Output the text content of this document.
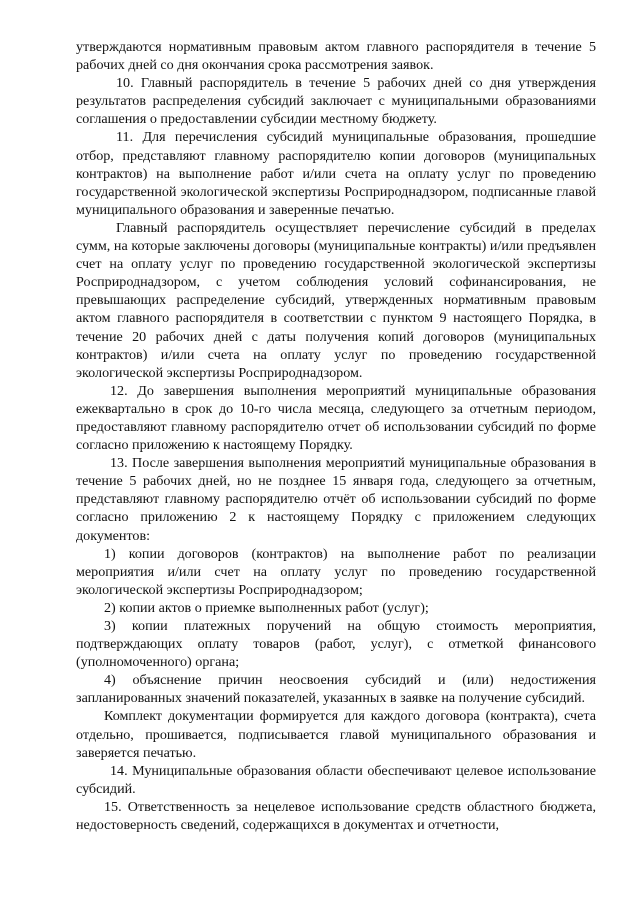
утверждаются нормативным правовым актом главного распорядителя в течение 5 рабочих дней со дня окончания срока рассмотрения заявок.

10. Главный распорядитель в течение 5 рабочих дней со дня утверждения результатов распределения субсидий заключает с муниципальными образованиями соглашения о предоставлении субсидии местному бюджету.

11. Для перечисления субсидий муниципальные образования, прошедшие отбор, представляют главному распорядителю копии договоров (муниципальных контрактов) на выполнение работ и/или счета на оплату услуг по проведению государственной экологической экспертизы Росприроднадзором, подписанные главой муниципального образования и заверенные печатью.

Главный распорядитель осуществляет перечисление субсидий в пределах сумм, на которые заключены договоры (муниципальные контракты) и/или предъявлен счет на оплату услуг по проведению государственной экологической экспертизы Росприроднадзором, с учетом соблюдения условий софинансирования, не превышающих распределение субсидий, утвержденных нормативным правовым актом главного распорядителя в соответствии с пунктом 9 настоящего Порядка, в течение 20 рабочих дней с даты получения копий договоров (муниципальных контрактов) и/или счета на оплату услуг по проведению государственной экологической экспертизы Росприроднадзором.

12. До завершения выполнения мероприятий муниципальные образования ежеквартально в срок до 10-го числа месяца, следующего за отчетным периодом, предоставляют главному распорядителю отчет об использовании субсидий по форме согласно приложению к настоящему Порядку.

13. После завершения выполнения мероприятий муниципальные образования в течение 5 рабочих дней, но не позднее 15 января года, следующего за отчетным, представляют главному распорядителю отчёт об использовании субсидий по форме согласно приложению 2 к настоящему Порядку с приложением следующих документов:

1) копии договоров (контрактов) на выполнение работ по реализации мероприятия и/или счет на оплату услуг по проведению государственной экологической экспертизы Росприроднадзором;

2) копии актов о приемке выполненных работ (услуг);

3) копии платежных поручений на общую стоимость мероприятия, подтверждающих оплату товаров (работ, услуг), с отметкой финансового (уполномоченного) органа;

4) объяснение причин неосвоения субсидий и (или) недостижения запланированных значений показателей, указанных в заявке на получение субсидий.

Комплект документации формируется для каждого договора (контракта), счета отдельно, прошивается, подписывается главой муниципального образования и заверяется печатью.

14. Муниципальные образования области обеспечивают целевое использование субсидий.

15. Ответственность за нецелевое использование средств областного бюджета, недостоверность сведений, содержащихся в документах и отчетности,
